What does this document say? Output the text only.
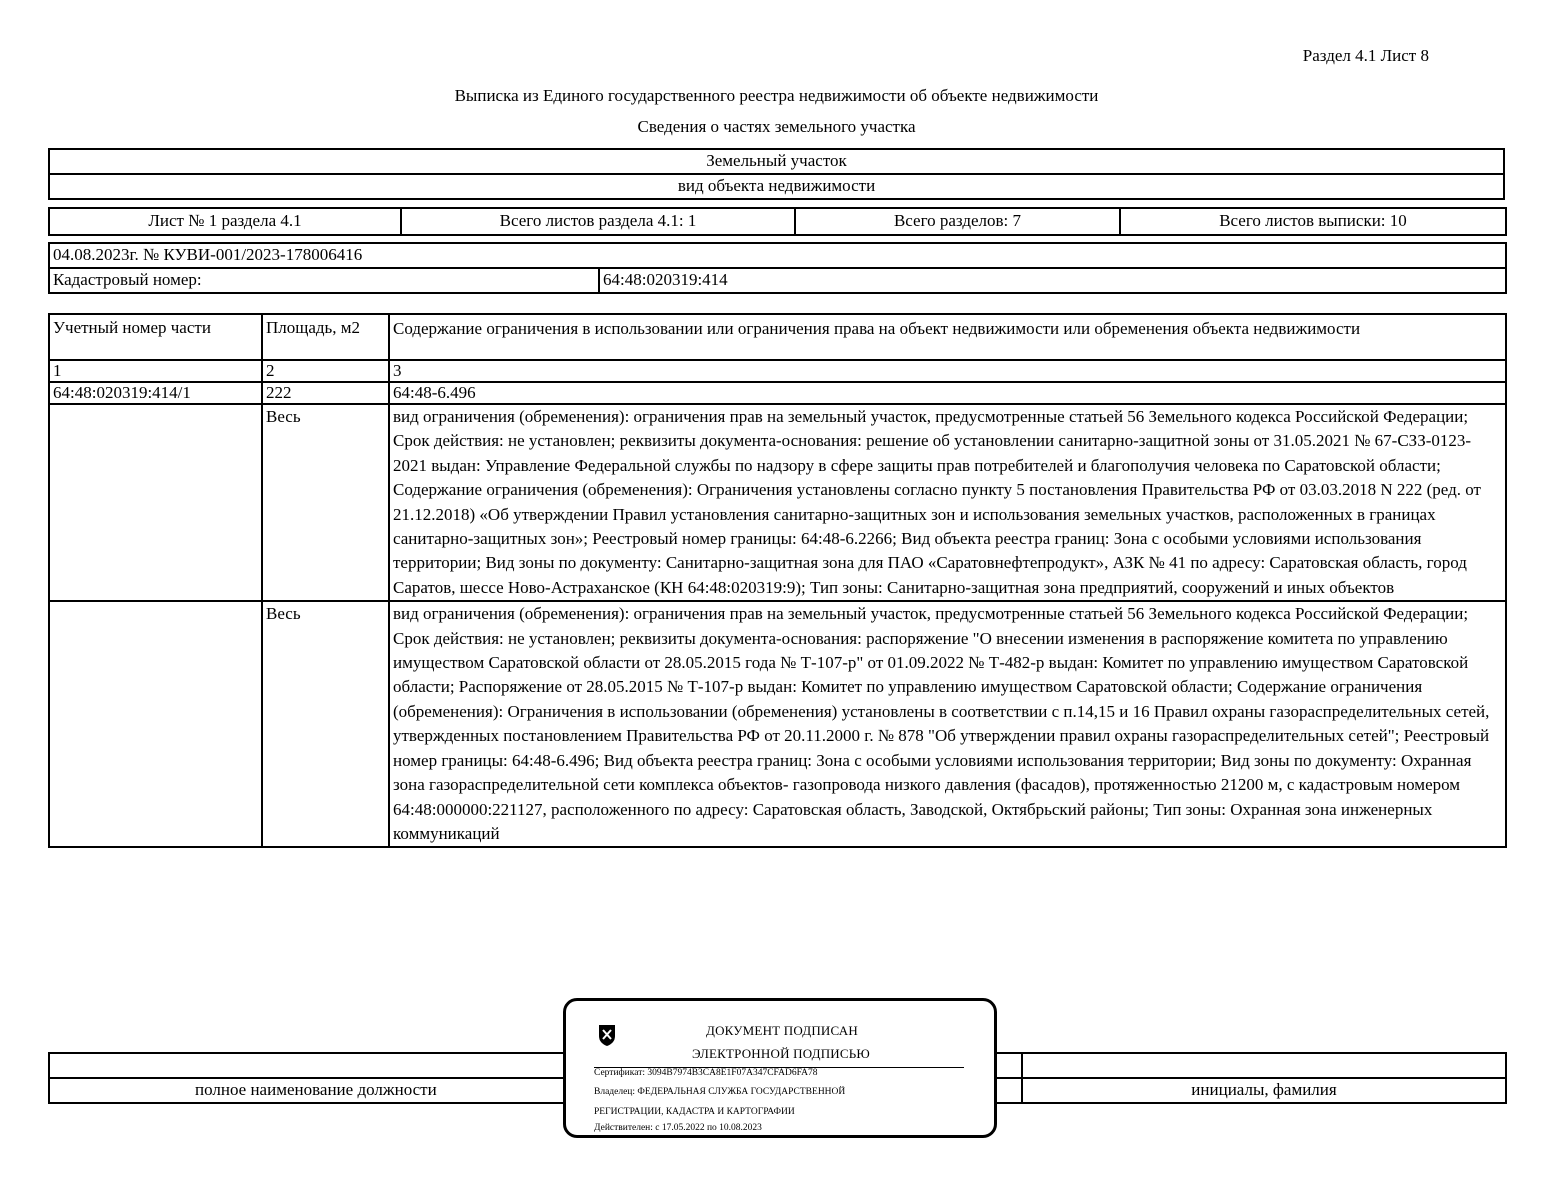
Раздел 4.1 Лист 8
Выписка из Единого государственного реестра недвижимости об объекте недвижимости
Сведения о частях земельного участка
Земельный участок
вид объекта недвижимости
Лист № 1 раздела 4.1	Всего листов раздела 4.1: 1	Всего разделов: 7	Всего листов выписки: 10
04.08.2023г. № КУВИ-001/2023-178006416
Кадастровый номер:	64:48:020319:414
Учетный номер части	Площадь, м2	Содержание ограничения в использовании или ограничения права на объект недвижимости или обременения объекта недвижимости
1	2	3
64:48:020319:414/1	222	64:48-6.496
	Весь	вид ограничения (обременения): ограничения прав на земельный участок, предусмотренные статьей 56 Земельного кодекса Российской Федерации; Срок действия: не установлен; реквизиты документа-основания: решение об установлении санитарно-защитной зоны от 31.05.2021 № 67-СЗЗ-0123-2021 выдан: Управление Федеральной службы по надзору в сфере защиты прав потребителей и благополучия человека по Саратовской области; Содержание ограничения (обременения): Ограничения установлены согласно пункту 5 постановления Правительства РФ от 03.03.2018 N 222 (ред. от 21.12.2018) «Об утверждении Правил установления санитарно-защитных зон и использования земельных участков, расположенных в границах санитарно-защитных зон»; Реестровый номер границы: 64:48-6.2266; Вид объекта реестра границ: Зона с особыми условиями использования территории; Вид зоны по документу: Санитарно-защитная зона для ПАО «Саратовнефтепродукт», АЗК № 41 по адресу: Саратовская область, город Саратов, шессе Ново-Астраханское (КН 64:48:020319:9); Тип зоны: Санитарно-защитная зона предприятий, сооружений и иных объектов
	Весь	вид ограничения (обременения): ограничения прав на земельный участок, предусмотренные статьей 56 Земельного кодекса Российской Федерации; Срок действия: не установлен; реквизиты документа-основания: распоряжение "О внесении изменения в распоряжение комитета по управлению имуществом Саратовской области от 28.05.2015 года № Т-107-р" от 01.09.2022 № Т-482-р выдан: Комитет по управлению имуществом Саратовской области; Распоряжение от 28.05.2015 № Т-107-р выдан: Комитет по управлению имуществом Саратовской области; Содержание ограничения (обременения): Ограничения в использовании (обременения) установлены в соответствии с п.14,15 и 16 Правил охраны газораспределительных сетей, утвержденных постановлением Правительства РФ от 20.11.2000 г. № 878 "Об утверждении правил охраны газораспределительных сетей"; Реестровый номер границы: 64:48-6.496; Вид объекта реестра границ: Зона с особыми условиями использования территории; Вид зоны по документу: Охранная зона газораспределительной сети комплекса объектов- газопровода низкого давления (фасадов), протяженностью 21200 м, с кадастровым номером 64:48:000000:221127, расположенного по адресу: Саратовская область, Заводской, Октябрьский районы; Тип зоны: Охранная зона инженерных коммуникаций

полное наименование должности	инициалы, фамилия
ДОКУМЕНТ ПОДПИСАН
ЭЛЕКТРОННОЙ ПОДПИСЬЮ
Сертификат: 3094B7974B3CA8E1F07A347CFAD6FA78
Владелец: ФЕДЕРАЛЬНАЯ СЛУЖБА ГОСУДАРСТВЕННОЙ
РЕГИСТРАЦИИ, КАДАСТРА И КАРТОГРАФИИ
Действителен: с 17.05.2022 по 10.08.2023
